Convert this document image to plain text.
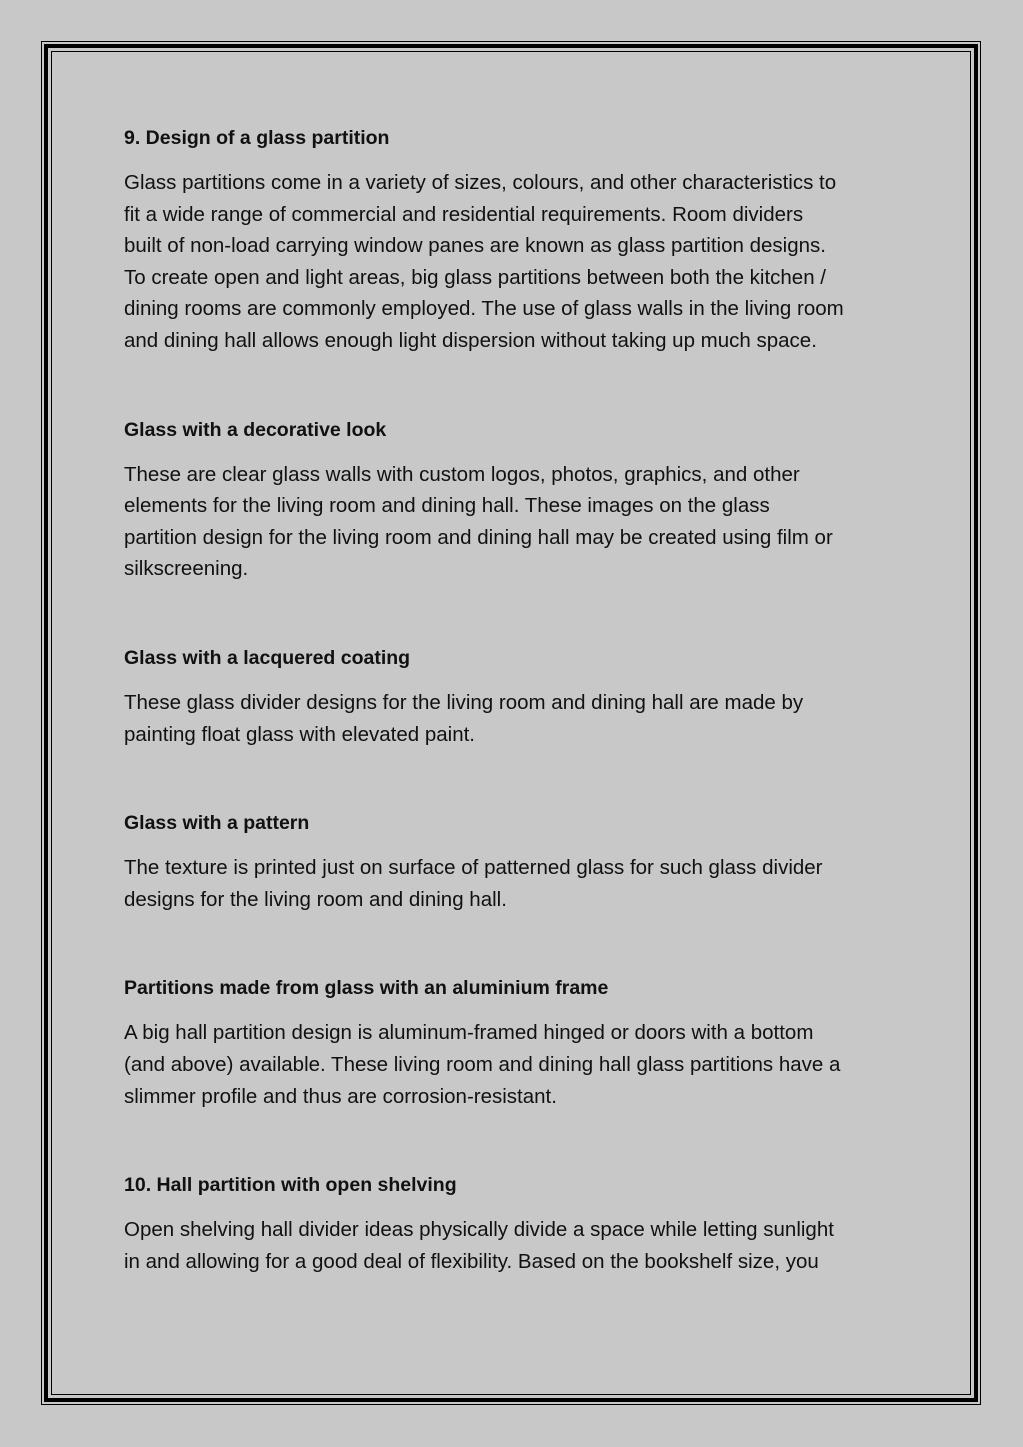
9. Design of a glass partition

Glass partitions come in a variety of sizes, colours, and other characteristics to
fit a wide range of commercial and residential requirements. Room dividers
built of non-load carrying window panes are known as glass partition designs.
To create open and light areas, big glass partitions between both the kitchen /
dining rooms are commonly employed. The use of glass walls in the living room
and dining hall allows enough light dispersion without taking up much space.

Glass with a decorative look

These are clear glass walls with custom logos, photos, graphics, and other
elements for the living room and dining hall. These images on the glass
partition design for the living room and dining hall may be created using film or
silkscreening.

Glass with a lacquered coating

These glass divider designs for the living room and dining hall are made by
painting float glass with elevated paint.

Glass with a pattern

The texture is printed just on surface of patterned glass for such glass divider
designs for the living room and dining hall.

Partitions made from glass with an aluminium frame

A big hall partition design is aluminum-framed hinged or doors with a bottom
(and above) available. These living room and dining hall glass partitions have a
slimmer profile and thus are corrosion-resistant.

10. Hall partition with open shelving

Open shelving hall divider ideas physically divide a space while letting sunlight
in and allowing for a good deal of flexibility. Based on the bookshelf size, you
